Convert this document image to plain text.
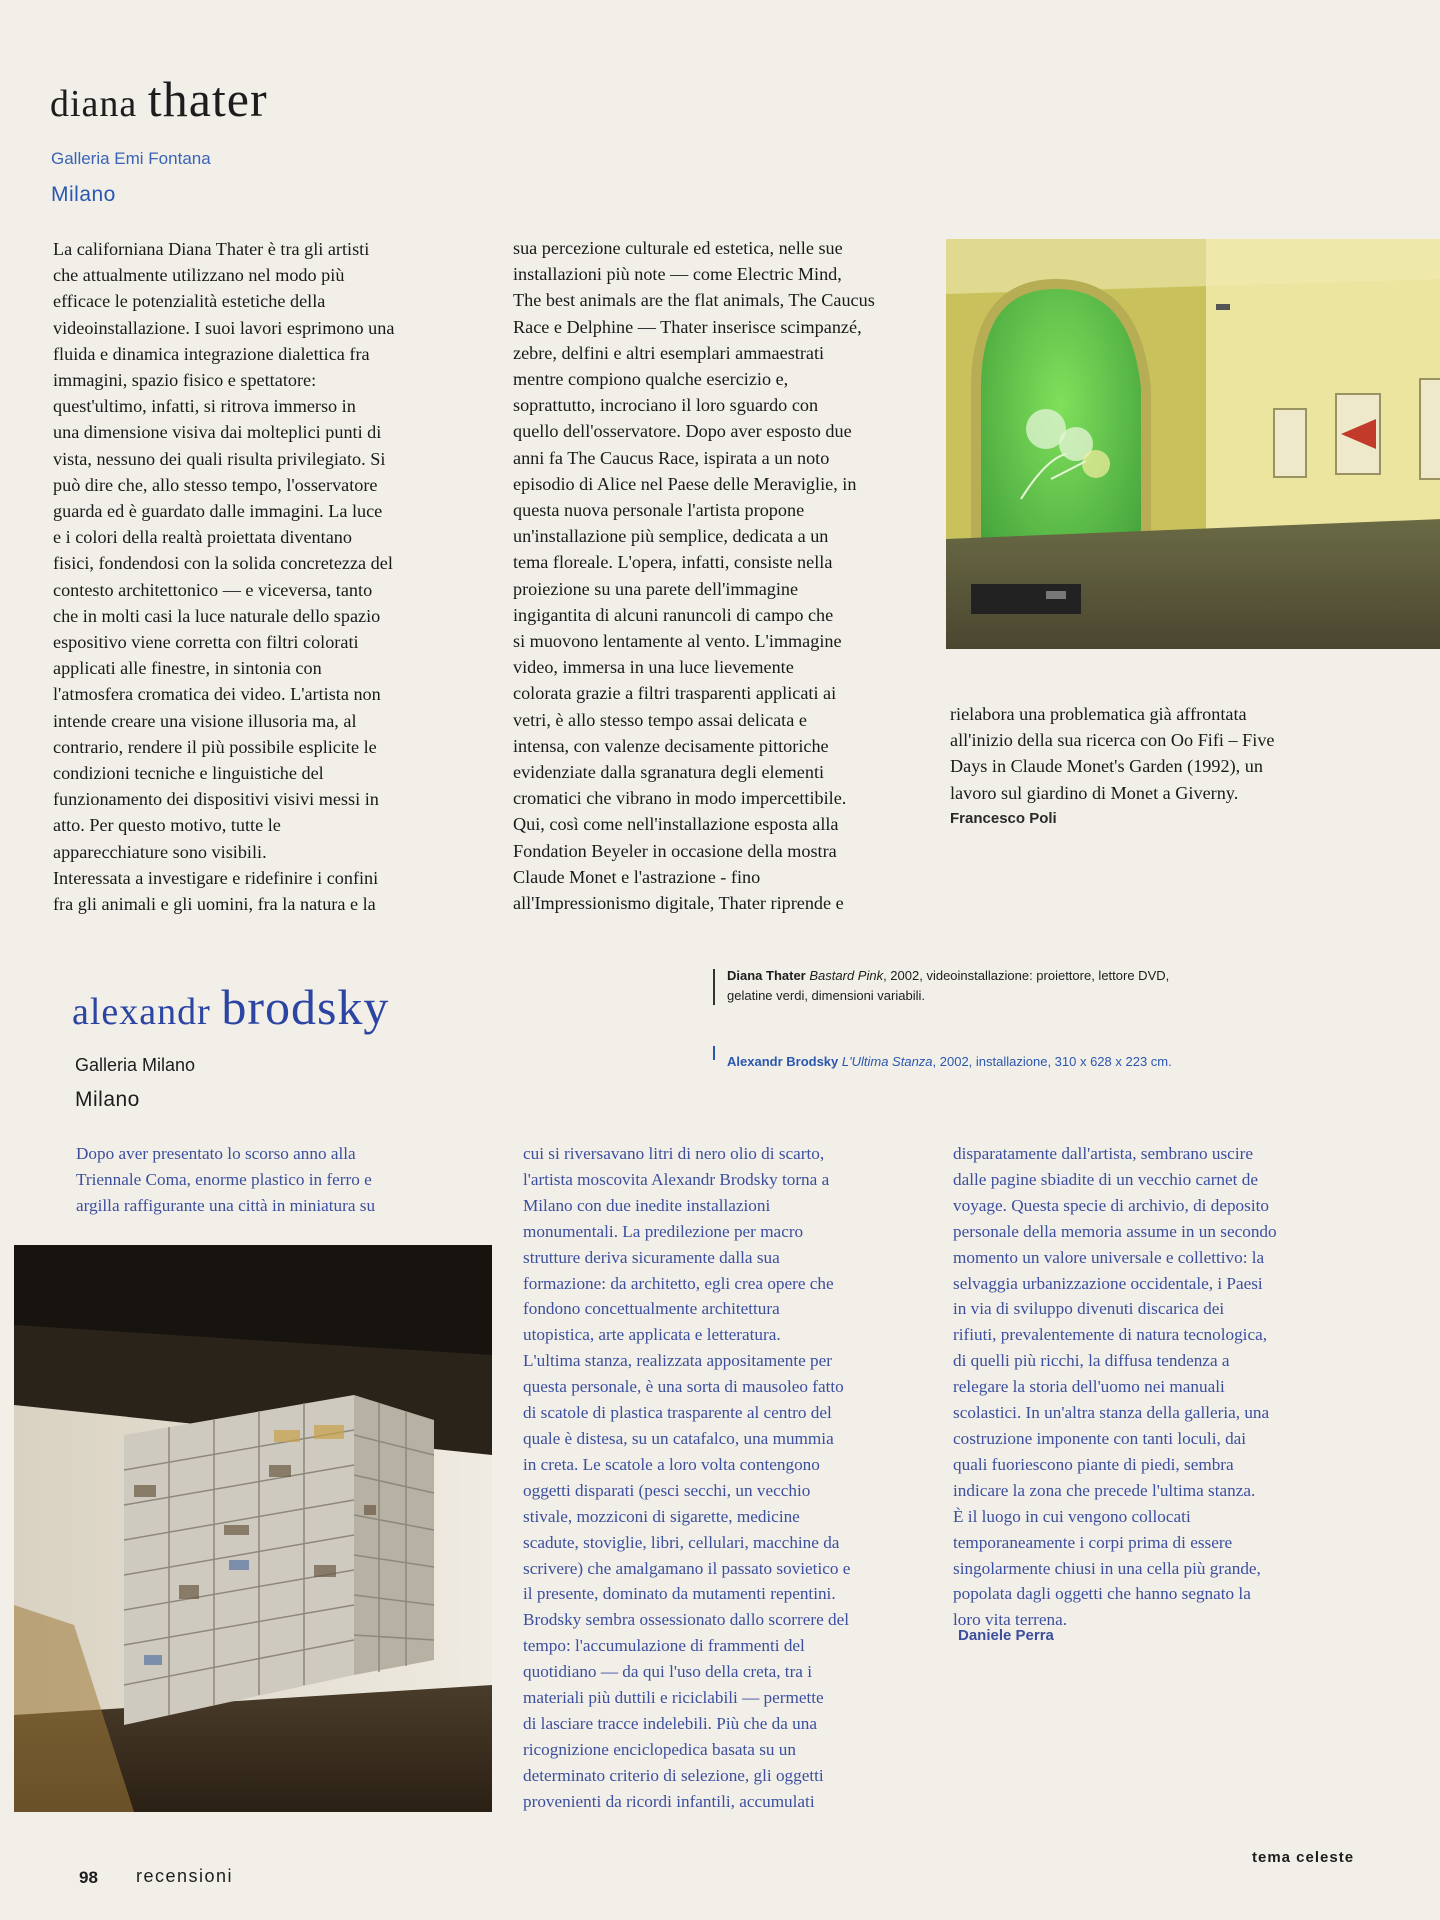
diana thater
Galleria Emi Fontana
Milano
La californiana Diana Thater è tra gli artisti
che attualmente utilizzano nel modo più
efficace le potenzialità estetiche della
videoinstallazione. I suoi lavori esprimono una
fluida e dinamica integrazione dialettica fra
immagini, spazio fisico e spettatore:
quest'ultimo, infatti, si ritrova immerso in
una dimensione visiva dai molteplici punti di
vista, nessuno dei quali risulta privilegiato. Si
può dire che, allo stesso tempo, l'osservatore
guarda ed è guardato dalle immagini. La luce
e i colori della realtà proiettata diventano
fisici, fondendosi con la solida concretezza del
contesto architettonico — e viceversa, tanto
che in molti casi la luce naturale dello spazio
espositivo viene corretta con filtri colorati
applicati alle finestre, in sintonia con
l'atmosfera cromatica dei video. L'artista non
intende creare una visione illusoria ma, al
contrario, rendere il più possibile esplicite le
condizioni tecniche e linguistiche del
funzionamento dei dispositivi visivi messi in
atto. Per questo motivo, tutte le
apparecchiature sono visibili.
Interessata a investigare e ridefinire i confini
fra gli animali e gli uomini, fra la natura e la
sua percezione culturale ed estetica, nelle sue
installazioni più note — come Electric Mind,
The best animals are the flat animals, The Caucus
Race e Delphine — Thater inserisce scimpanzé,
zebre, delfini e altri esemplari ammaestrati
mentre compiono qualche esercizio e,
soprattutto, incrociano il loro sguardo con
quello dell'osservatore. Dopo aver esposto due
anni fa The Caucus Race, ispirata a un noto
episodio di Alice nel Paese delle Meraviglie, in
questa nuova personale l'artista propone
un'installazione più semplice, dedicata a un
tema floreale. L'opera, infatti, consiste nella
proiezione su una parete dell'immagine
ingigantita di alcuni ranuncoli di campo che
si muovono lentamente al vento. L'immagine
video, immersa in una luce lievemente
colorata grazie a filtri trasparenti applicati ai
vetri, è allo stesso tempo assai delicata e
intensa, con valenze decisamente pittoriche
evidenziate dalla sgranatura degli elementi
cromatici che vibrano in modo impercettibile.
Qui, così come nell'installazione esposta alla
Fondation Beyeler in occasione della mostra
Claude Monet e l'astrazione - fino
all'Impressionismo digitale, Thater riprende e
rielabora una problematica già affrontata
all'inizio della sua ricerca con Oo Fifi – Five
Days in Claude Monet's Garden (1992), un
lavoro sul giardino di Monet a Giverny.
Francesco Poli
Diana Thater Bastard Pink, 2002, videoinstallazione: proiettore, lettore DVD,
gelatine verdi, dimensioni variabili.
Alexandr Brodsky L'Ultima Stanza, 2002, installazione, 310 x 628 x 223 cm.
alexandr brodsky
Galleria Milano
Milano
Dopo aver presentato lo scorso anno alla
Triennale Coma, enorme plastico in ferro e
argilla raffigurante una città in miniatura su
cui si riversavano litri di nero olio di scarto,
l'artista moscovita Alexandr Brodsky torna a
Milano con due inedite installazioni
monumentali. La predilezione per macro
strutture deriva sicuramente dalla sua
formazione: da architetto, egli crea opere che
fondono concettualmente architettura
utopistica, arte applicata e letteratura.
L'ultima stanza, realizzata appositamente per
questa personale, è una sorta di mausoleo fatto
di scatole di plastica trasparente al centro del
quale è distesa, su un catafalco, una mummia
in creta. Le scatole a loro volta contengono
oggetti disparati (pesci secchi, un vecchio
stivale, mozziconi di sigarette, medicine
scadute, stoviglie, libri, cellulari, macchine da
scrivere) che amalgamano il passato sovietico e
il presente, dominato da mutamenti repentini.
Brodsky sembra ossessionato dallo scorrere del
tempo: l'accumulazione di frammenti del
quotidiano — da qui l'uso della creta, tra i
materiali più duttili e riciclabili — permette
di lasciare tracce indelebili. Più che da una
ricognizione enciclopedica basata su un
determinato criterio di selezione, gli oggetti
provenienti da ricordi infantili, accumulati
disparatamente dall'artista, sembrano uscire
dalle pagine sbiadite di un vecchio carnet de
voyage. Questa specie di archivio, di deposito
personale della memoria assume in un secondo
momento un valore universale e collettivo: la
selvaggia urbanizzazione occidentale, i Paesi
in via di sviluppo divenuti discarica dei
rifiuti, prevalentemente di natura tecnologica,
di quelli più ricchi, la diffusa tendenza a
relegare la storia dell'uomo nei manuali
scolastici. In un'altra stanza della galleria, una
costruzione imponente con tanti loculi, dai
quali fuoriescono piante di piedi, sembra
indicare la zona che precede l'ultima stanza.
È il luogo in cui vengono collocati
temporaneamente i corpi prima di essere
singolarmente chiusi in una cella più grande,
popolata dagli oggetti che hanno segnato la
loro vita terrena.
Daniele Perra
98 recensioni
tema celeste
